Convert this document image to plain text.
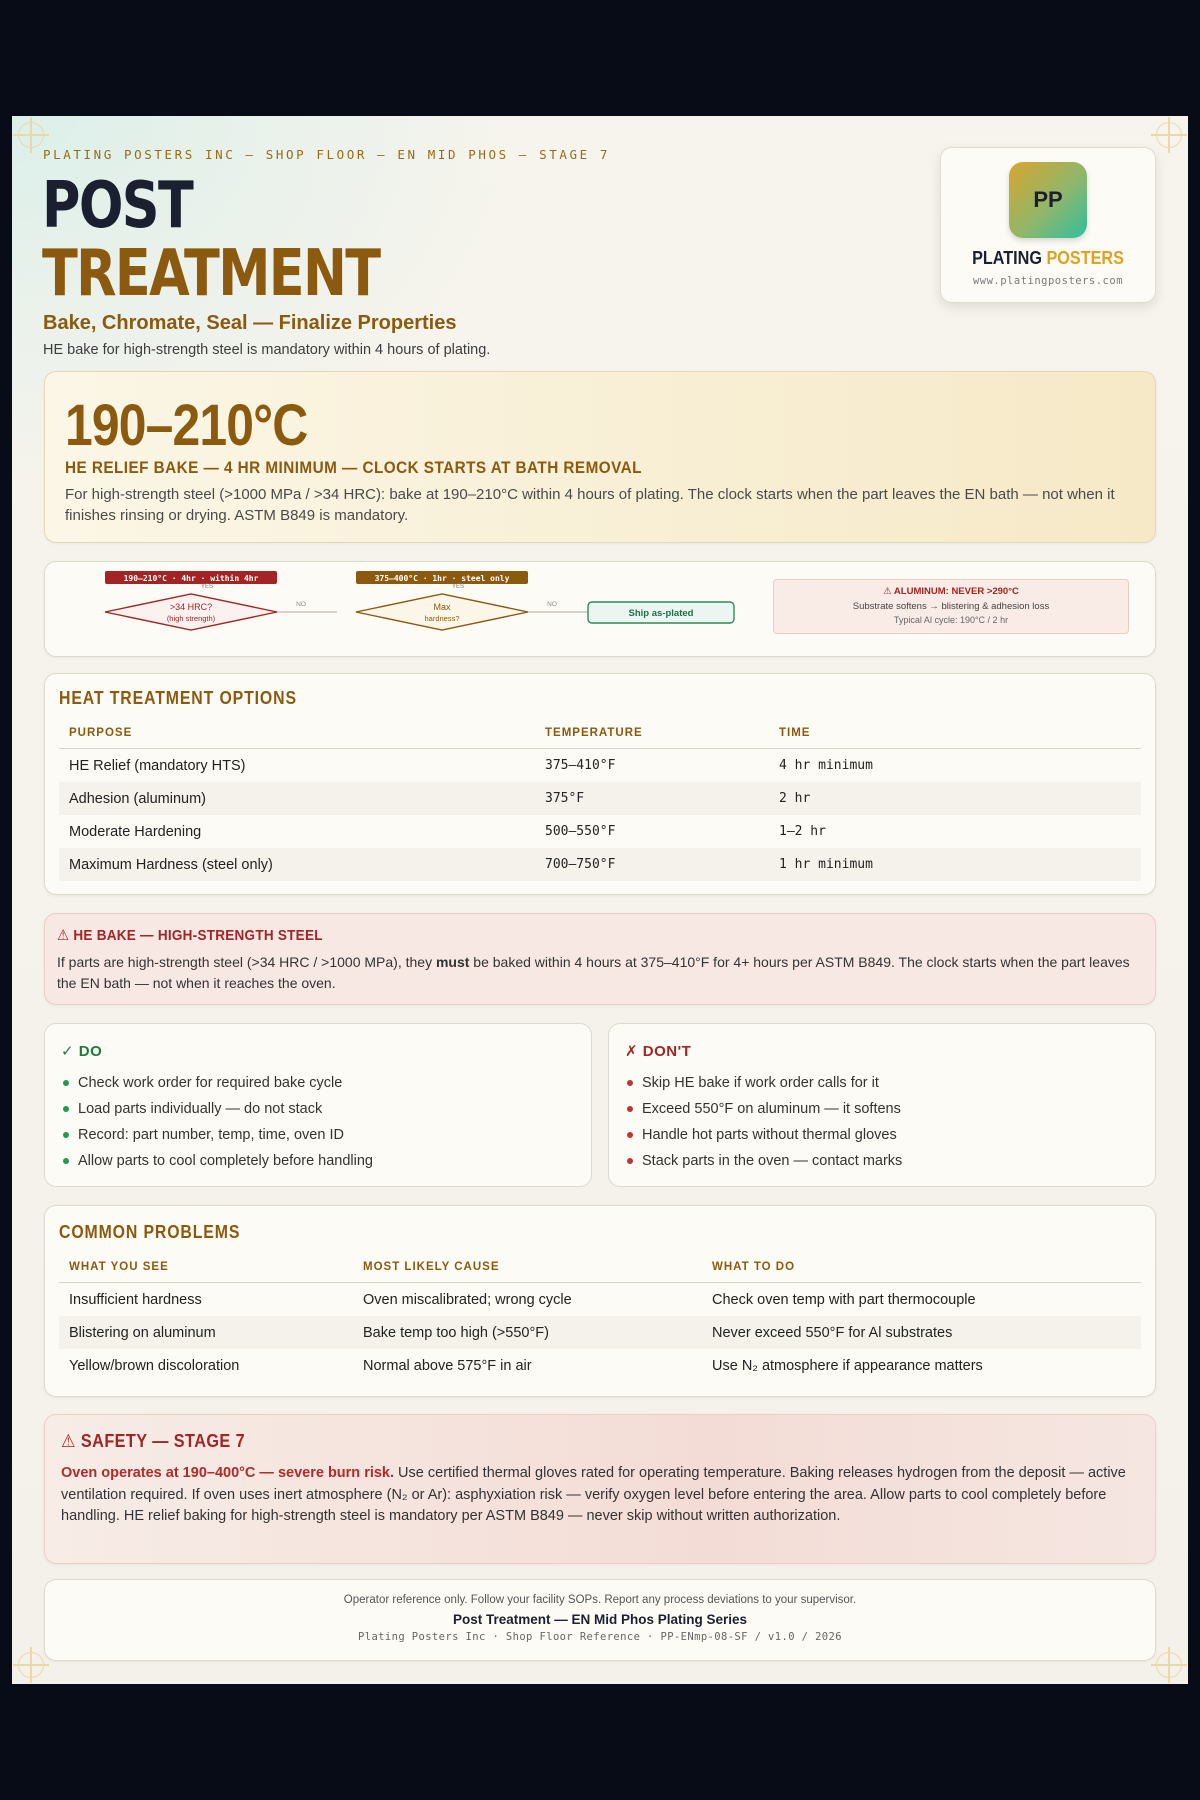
PLATING POSTERS INC — SHOP FLOOR — EN MID PHOS — STAGE 7
POST
TREATMENT
Bake, Chromate, Seal — Finalize Properties
HE bake for high-strength steel is mandatory within 4 hours of plating.
PP
PLATING POSTERS
www.platingposters.com
190–210°C
HE RELIEF BAKE — 4 HR MINIMUM — CLOCK STARTS AT BATH REMOVAL
For high-strength steel (>1000 MPa / >34 HRC): bake at 190–210°C within 4 hours of plating. The clock starts when the part leaves the EN bath — not when it finishes rinsing or drying. ASTM B849 is mandatory.
190–210°C · 4hr · within 4hr
YES
>34 HRC?
(high strength)
NO
375–400°C · 1hr · steel only
YES
Max
hardness?
NO
Ship as-plated
⚠ ALUMINUM: NEVER >290°C
Substrate softens → blistering & adhesion loss
Typical Al cycle: 190°C / 2 hr
HEAT TREATMENT OPTIONS
PURPOSE	TEMPERATURE	TIME
HE Relief (mandatory HTS)	375–410°F	4 hr minimum
Adhesion (aluminum)	375°F	2 hr
Moderate Hardening	500–550°F	1–2 hr
Maximum Hardness (steel only)	700–750°F	1 hr minimum
⚠ HE BAKE — HIGH-STRENGTH STEEL
If parts are high-strength steel (>34 HRC / >1000 MPa), they must be baked within 4 hours at 375–410°F for 4+ hours per ASTM B849. The clock starts when the part leaves the EN bath — not when it reaches the oven.
✓ DO
Check work order for required bake cycle
Load parts individually — do not stack
Record: part number, temp, time, oven ID
Allow parts to cool completely before handling
✗ DON'T
Skip HE bake if work order calls for it
Exceed 550°F on aluminum — it softens
Handle hot parts without thermal gloves
Stack parts in the oven — contact marks
COMMON PROBLEMS
WHAT YOU SEE	MOST LIKELY CAUSE	WHAT TO DO
Insufficient hardness	Oven miscalibrated; wrong cycle	Check oven temp with part thermocouple
Blistering on aluminum	Bake temp too high (>550°F)	Never exceed 550°F for Al substrates
Yellow/brown discoloration	Normal above 575°F in air	Use N₂ atmosphere if appearance matters
⚠ SAFETY — STAGE 7
Oven operates at 190–400°C — severe burn risk. Use certified thermal gloves rated for operating temperature. Baking releases hydrogen from the deposit — active ventilation required. If oven uses inert atmosphere (N₂ or Ar): asphyxiation risk — verify oxygen level before entering the area. Allow parts to cool completely before handling. HE relief baking for high-strength steel is mandatory per ASTM B849 — never skip without written authorization.
Operator reference only. Follow your facility SOPs. Report any process deviations to your supervisor.
Post Treatment — EN Mid Phos Plating Series
Plating Posters Inc · Shop Floor Reference · PP-ENmp-08-SF / v1.0 / 2026
